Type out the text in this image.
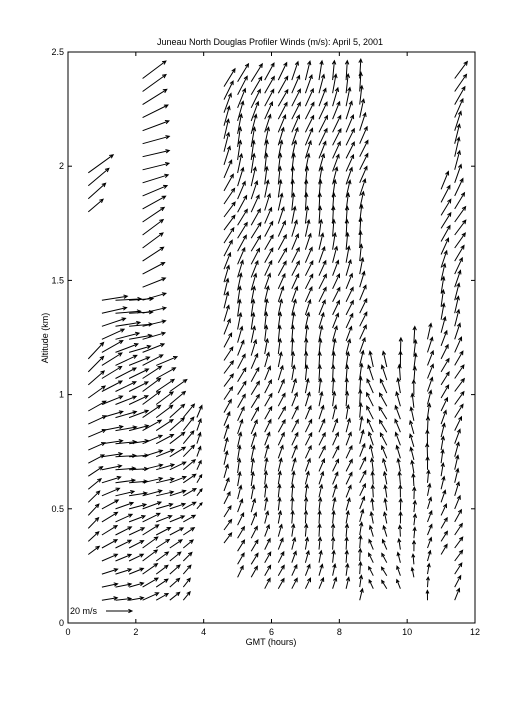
Juneau North Douglas Profiler Winds (m/s): April 5, 2001
0	2	4	6	8	10	12
0
0.5
1
1.5
2
2.5
20 m/s
GMT (hours)
Altitude (km)
